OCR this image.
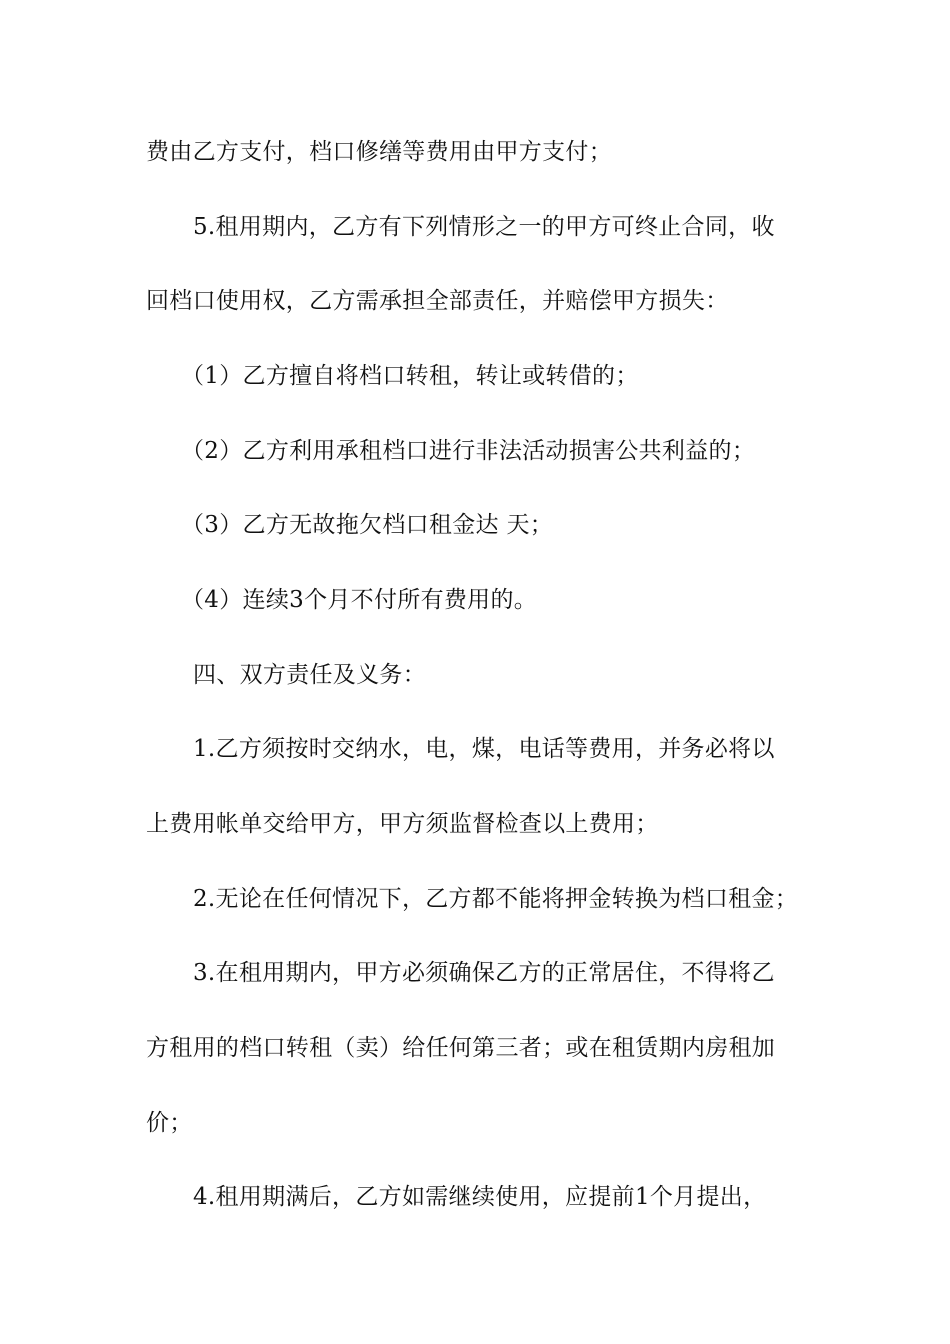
费由乙方支付，档口修缮等费用由甲方支付；
5.租用期内，乙方有下列情形之一的甲方可终止合同，收
回档口使用权，乙方需承担全部责任，并赔偿甲方损失：
（1）乙方擅自将档口转租，转让或转借的；
（2）乙方利用承租档口进行非法活动损害公共利益的；
（3）乙方无故拖欠档口租金达 天；
（4）连续3个月不付所有费用的。
四、双方责任及义务：
1.乙方须按时交纳水，电，煤，电话等费用，并务必将以
上费用帐单交给甲方，甲方须监督检查以上费用；
2.无论在任何情况下，乙方都不能将押金转换为档口租金；
3.在租用期内，甲方必须确保乙方的正常居住，不得将乙
方租用的档口转租（卖）给任何第三者；或在租赁期内房租加
价；
4.租用期满后，乙方如需继续使用，应提前1个月提出，
